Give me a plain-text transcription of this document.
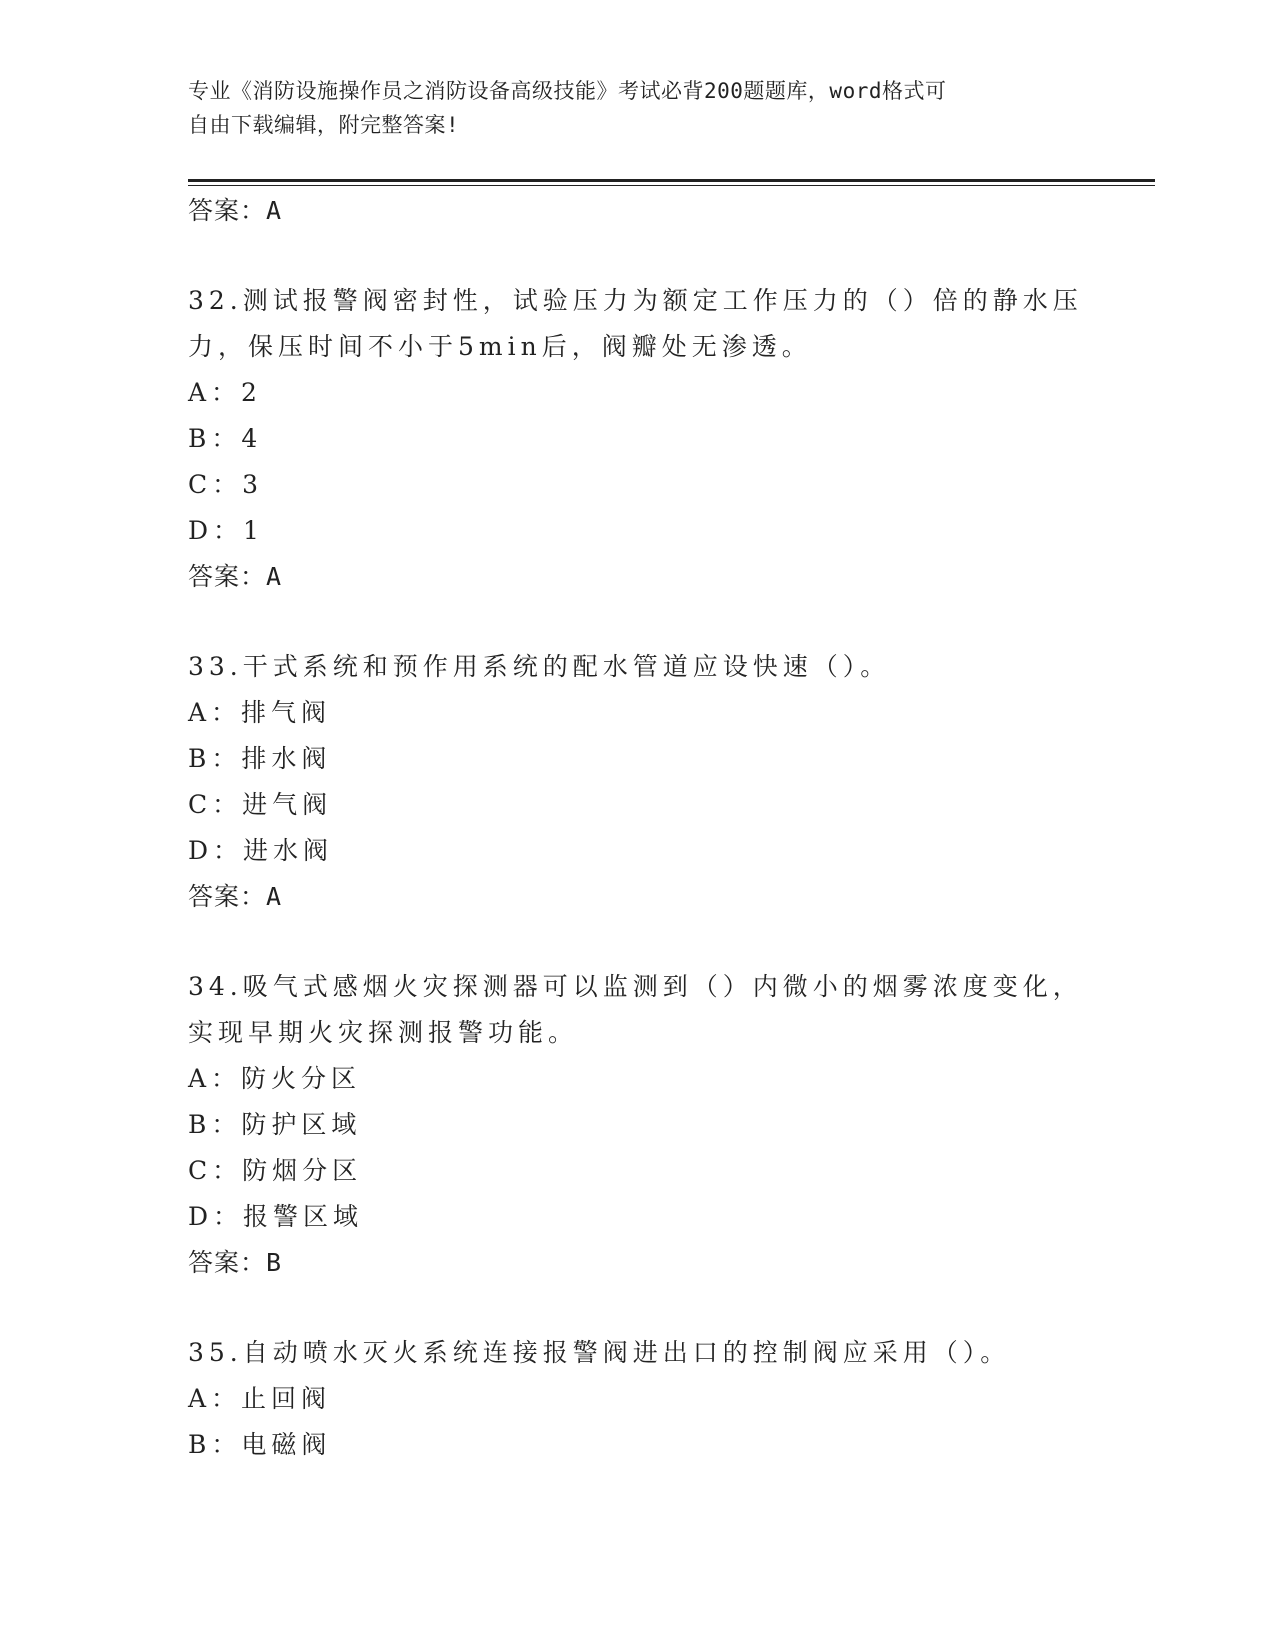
专业《消防设施操作员之消防设备高级技能》考试必背200题题库，word格式可
自由下载编辑，附完整答案!
答案：A
32.测试报警阀密封性，试验压力为额定工作压力的（）倍的静水压力，保压时间不小于5min后，阀瓣处无渗透。
A：2
B：4
C：3
D：1
答案：A
33.干式系统和预作用系统的配水管道应设快速（）。
A：排气阀
B：排水阀
C：进气阀
D：进水阀
答案：A
34.吸气式感烟火灾探测器可以监测到（）内微小的烟雾浓度变化，实现早期火灾探测报警功能。
A：防火分区
B：防护区域
C：防烟分区
D：报警区域
答案：B
35.自动喷水灭火系统连接报警阀进出口的控制阀应采用（）。
A：止回阀
B：电磁阀
